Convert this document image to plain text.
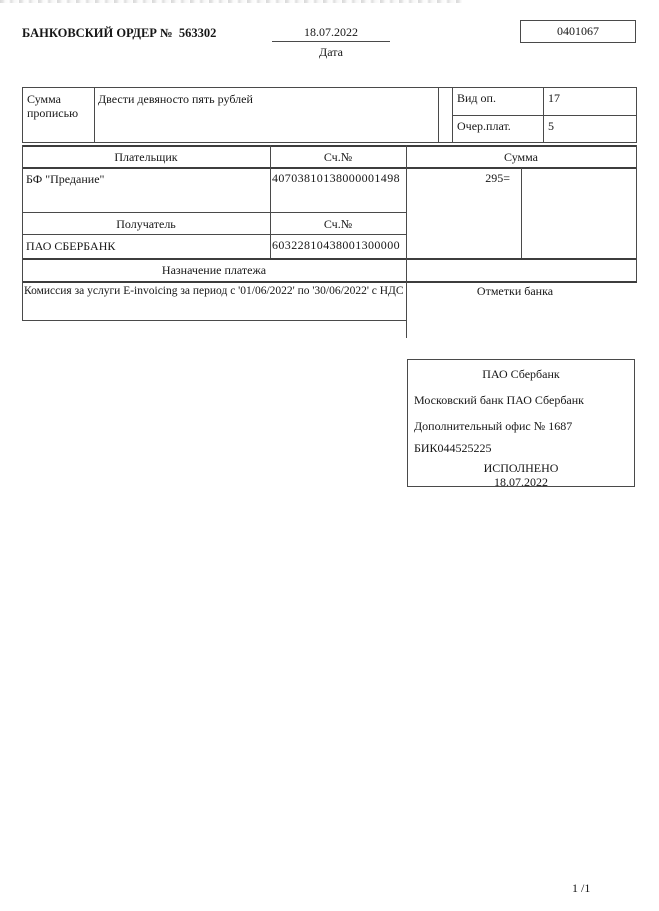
БАНКОВСКИЙ ОРДЕР № 563302	18.07.2022
Дата
0401067
Сумма
прописью
Двести девяносто пять рублей	Вид оп.	17
Очер.плат.	5
Плательщик	Сч.№	Сумма
БФ "Предание"	40703810138000001498	295=
Получатель	Сч.№
ПАО СБЕРБАНК	60322810438001300000
Назначение платежа
Комиссия за услуги E-invoicing за период с '01/06/2022' по '30/06/2022' с НДС	Отметки банка
ПАО Сбербанк
Московский банк ПАО Сбербанк
Дополнительный офис № 1687
БИК044525225
ИСПОЛНЕНО
18.07.2022
1 /1
